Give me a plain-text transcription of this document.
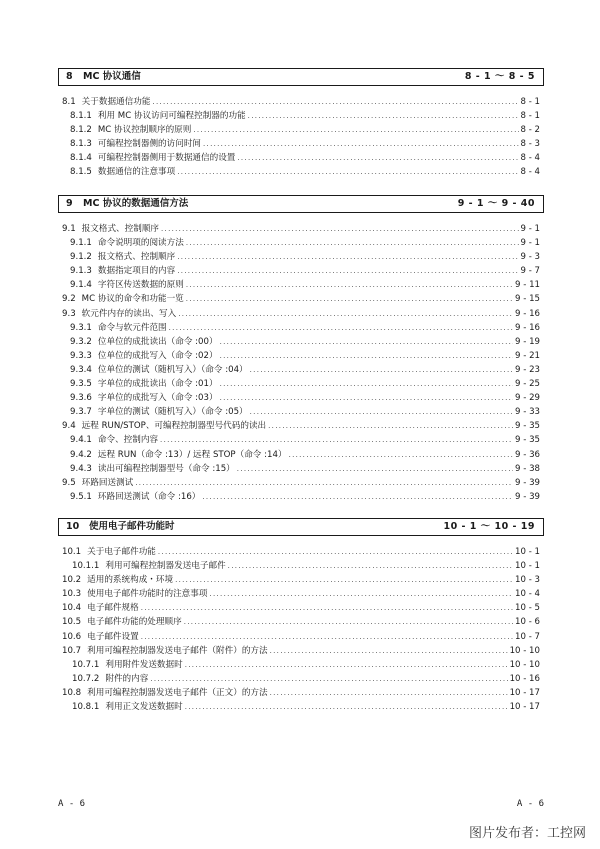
8 MC 协议通信	8 - 1 ～ 8 - 5
8.1 关于数据通信功能 .....	8 - 1
8.1.1 利用 MC 协议访问可编程控制器的功能 .....	8 - 1
8.1.2 MC 协议控制顺序的原则 .....	8 - 2
8.1.3 可编程控制器侧的访问时间 .....	8 - 3
8.1.4 可编程控制器侧用于数据通信的设置 .....	8 - 4
8.1.5 数据通信的注意事项 .....	8 - 4
9 MC 协议的数据通信方法	9 - 1 ～ 9 - 40
9.1 报文格式、控制顺序 .....	9 - 1
9.1.1 命令说明项的阅读方法 .....	9 - 1
9.1.2 报文格式、控制顺序 .....	9 - 3
9.1.3 数据指定项目的内容 .....	9 - 7
9.1.4 字符区传送数据的原则 .....	9 - 11
9.2 MC 协议的命令和功能一览 .....	9 - 15
9.3 软元件内存的读出、写入 .....	9 - 16
9.3.1 命令与软元件范围 .....	9 - 16
9.3.2 位单位的成批读出（命令 :00） .....	9 - 19
9.3.3 位单位的成批写入（命令 :02） .....	9 - 21
9.3.4 位单位的测试（随机写入）（命令 :04） .....	9 - 23
9.3.5 字单位的成批读出（命令 :01） .....	9 - 25
9.3.6 字单位的成批写入（命令 :03） .....	9 - 29
9.3.7 字单位的测试（随机写入）（命令 :05） .....	9 - 33
9.4 远程 RUN/STOP、可编程控制器型号代码的读出 .....	9 - 35
9.4.1 命令、控制内容 .....	9 - 35
9.4.2 远程 RUN（命令 :13）/ 远程 STOP（命令 :14） .....	9 - 36
9.4.3 读出可编程控制器型号（命令 :15） .....	9 - 38
9.5 环路回送测试 .....	9 - 39
9.5.1 环路回送测试（命令 :16） .....	9 - 39
10 使用电子邮件功能时	10 - 1 ～ 10 - 19
10.1 关于电子邮件功能 .....	10 - 1
10.1.1 利用可编程控制器发送电子邮件 .....	10 - 1
10.2 适用的系统构成・环境 .....	10 - 3
10.3 使用电子邮件功能时的注意事项 .....	10 - 4
10.4 电子邮件规格 .....	10 - 5
10.5 电子邮件功能的处理顺序 .....	10 - 6
10.6 电子邮件设置 .....	10 - 7
10.7 利用可编程控制器发送电子邮件（附件）的方法 .....	10 - 10
10.7.1 利用附件发送数据时 .....	10 - 10
10.7.2 附件的内容 .....	10 - 16
10.8 利用可编程控制器发送电子邮件（正文）的方法 .....	10 - 17
10.8.1 利用正文发送数据时 .....	10 - 17
A - 6	A - 6
图片发布者：工控网
